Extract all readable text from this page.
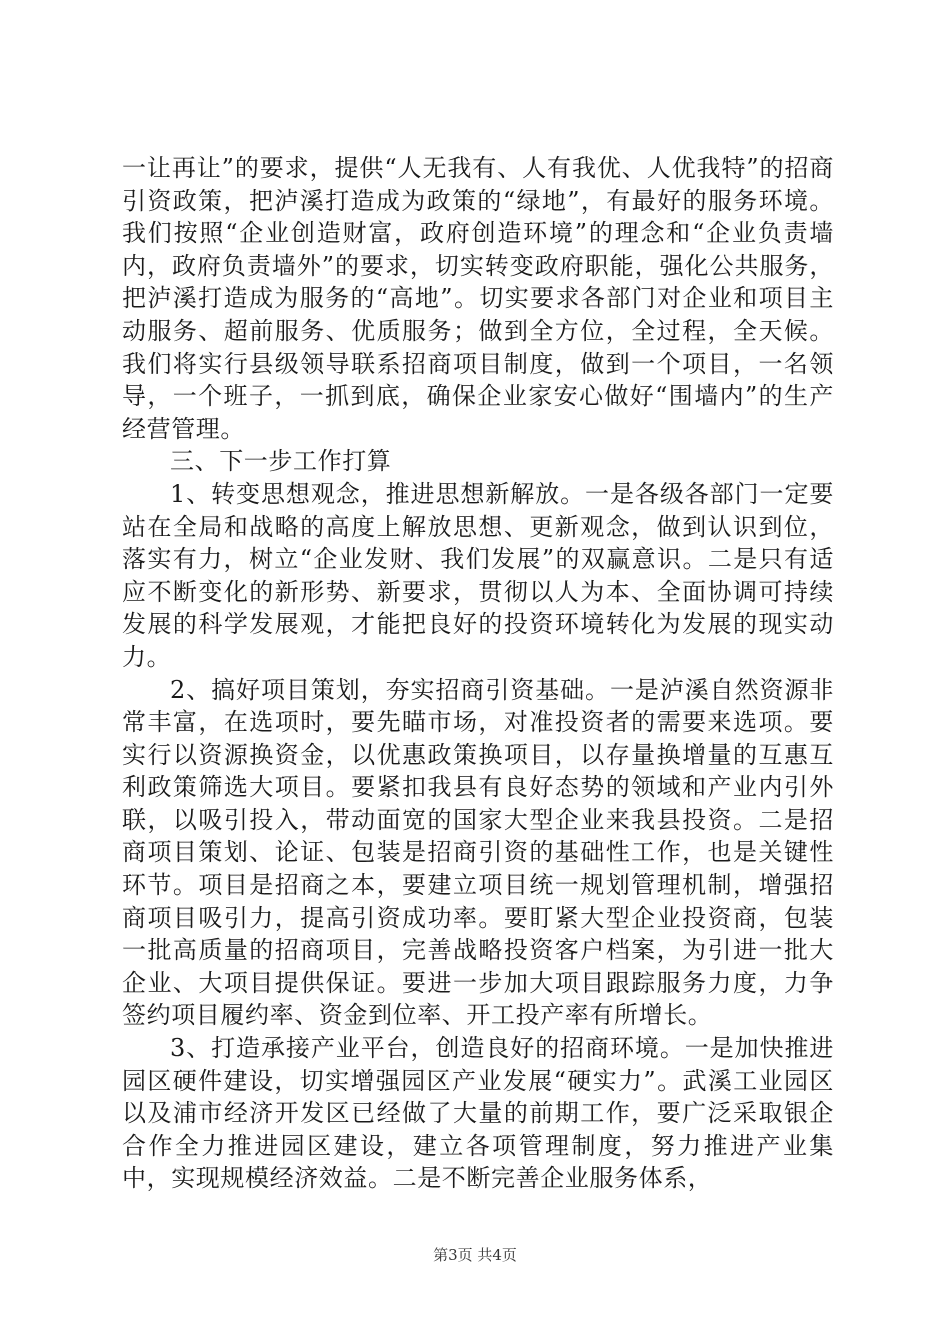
一让再让”的要求，提供“人无我有、人有我优、人优我特”的招商引资政策，把泸溪打造成为政策的“绿地”，有最好的服务环境。我们按照“企业创造财富，政府创造环境”的理念和“企业负责墙内，政府负责墙外”的要求，切实转变政府职能，强化公共服务，把泸溪打造成为服务的“高地”。切实要求各部门对企业和项目主动服务、超前服务、优质服务；做到全方位，全过程，全天候。我们将实行县级领导联系招商项目制度，做到一个项目，一名领导，一个班子，一抓到底，确保企业家安心做好“围墙内”的生产经营管理。

三、下一步工作打算

1、转变思想观念，推进思想新解放。一是各级各部门一定要站在全局和战略的高度上解放思想、更新观念，做到认识到位，落实有力，树立“企业发财、我们发展”的双赢意识。二是只有适应不断变化的新形势、新要求，贯彻以人为本、全面协调可持续发展的科学发展观，才能把良好的投资环境转化为发展的现实动力。

2、搞好项目策划，夯实招商引资基础。一是泸溪自然资源非常丰富，在选项时，要先瞄市场，对准投资者的需要来选项。要实行以资源换资金，以优惠政策换项目，以存量换增量的互惠互利政策筛选大项目。要紧扣我县有良好态势的领域和产业内引外联，以吸引投入，带动面宽的国家大型企业来我县投资。二是招商项目策划、论证、包装是招商引资的基础性工作，也是关键性环节。项目是招商之本，要建立项目统一规划管理机制，增强招商项目吸引力，提高引资成功率。要盯紧大型企业投资商，包装一批高质量的招商项目，完善战略投资客户档案，为引进一批大企业、大项目提供保证。要进一步加大项目跟踪服务力度，力争签约项目履约率、资金到位率、开工投产率有所增长。

3、打造承接产业平台，创造良好的招商环境。一是加快推进园区硬件建设，切实增强园区产业发展“硬实力”。武溪工业园区以及浦市经济开发区已经做了大量的前期工作，要广泛采取银企合作全力推进园区建设，建立各项管理制度，努力推进产业集中，实现规模经济效益。二是不断完善企业服务体系，

第3页 共4页
